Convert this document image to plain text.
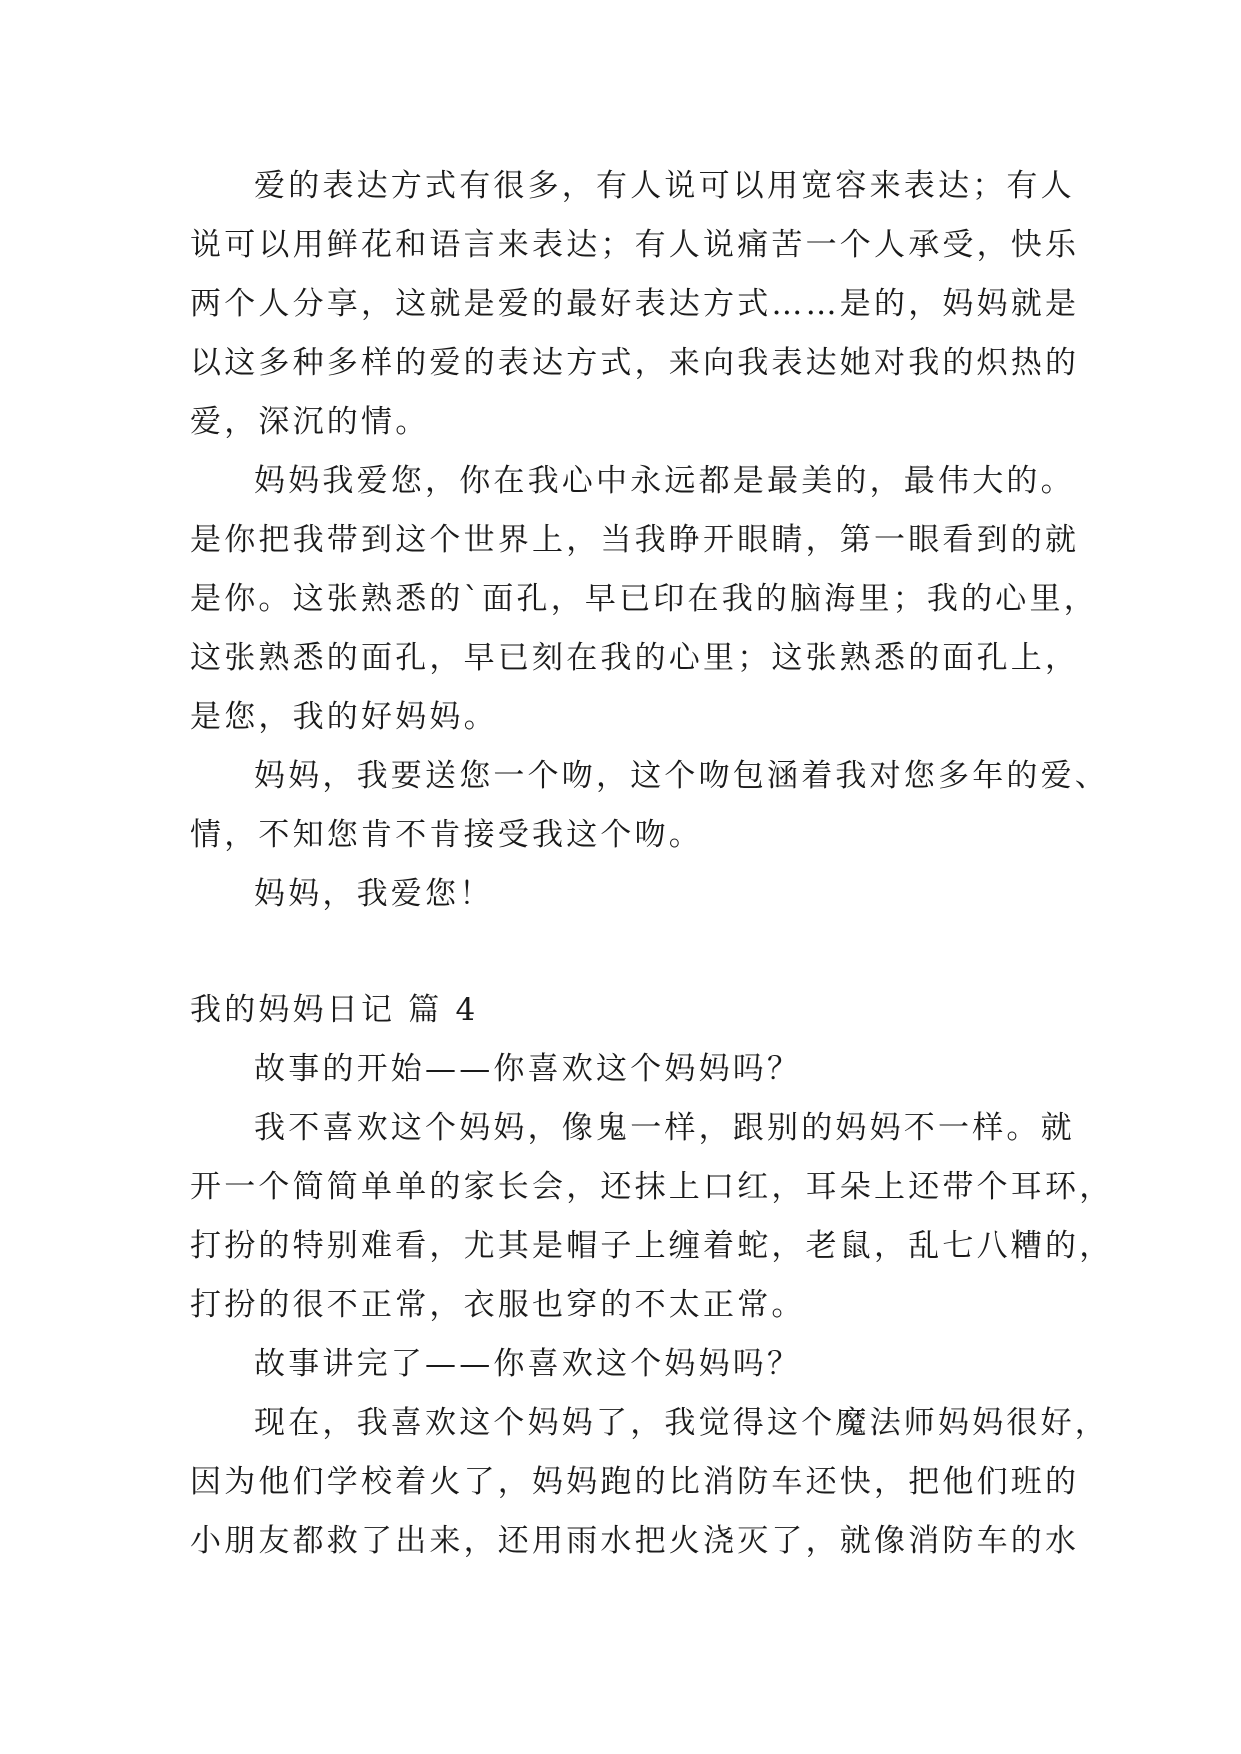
爱的表达方式有很多，有人说可以用宽容来表达；有人
说可以用鲜花和语言来表达；有人说痛苦一个人承受，快乐
两个人分享，这就是爱的最好表达方式……是的，妈妈就是
以这多种多样的爱的表达方式，来向我表达她对我的炽热的
爱，深沉的情。
妈妈我爱您，你在我心中永远都是最美的，最伟大的。
是你把我带到这个世界上，当我睁开眼睛，第一眼看到的就
是你。这张熟悉的`面孔，早已印在我的脑海里；我的心里，
这张熟悉的面孔，早已刻在我的心里；这张熟悉的面孔上，
是您，我的好妈妈。
妈妈，我要送您一个吻，这个吻包涵着我对您多年的爱、
情，不知您肯不肯接受我这个吻。
妈妈，我爱您！
我的妈妈日记 篇 4
故事的开始——你喜欢这个妈妈吗？
我不喜欢这个妈妈，像鬼一样，跟别的妈妈不一样。就
开一个简简单单的家长会，还抹上口红，耳朵上还带个耳环，
打扮的特别难看，尤其是帽子上缠着蛇，老鼠，乱七八糟的，
打扮的很不正常，衣服也穿的不太正常。
故事讲完了——你喜欢这个妈妈吗？
现在，我喜欢这个妈妈了，我觉得这个魔法师妈妈很好，
因为他们学校着火了，妈妈跑的比消防车还快，把他们班的
小朋友都救了出来，还用雨水把火浇灭了，就像消防车的水
